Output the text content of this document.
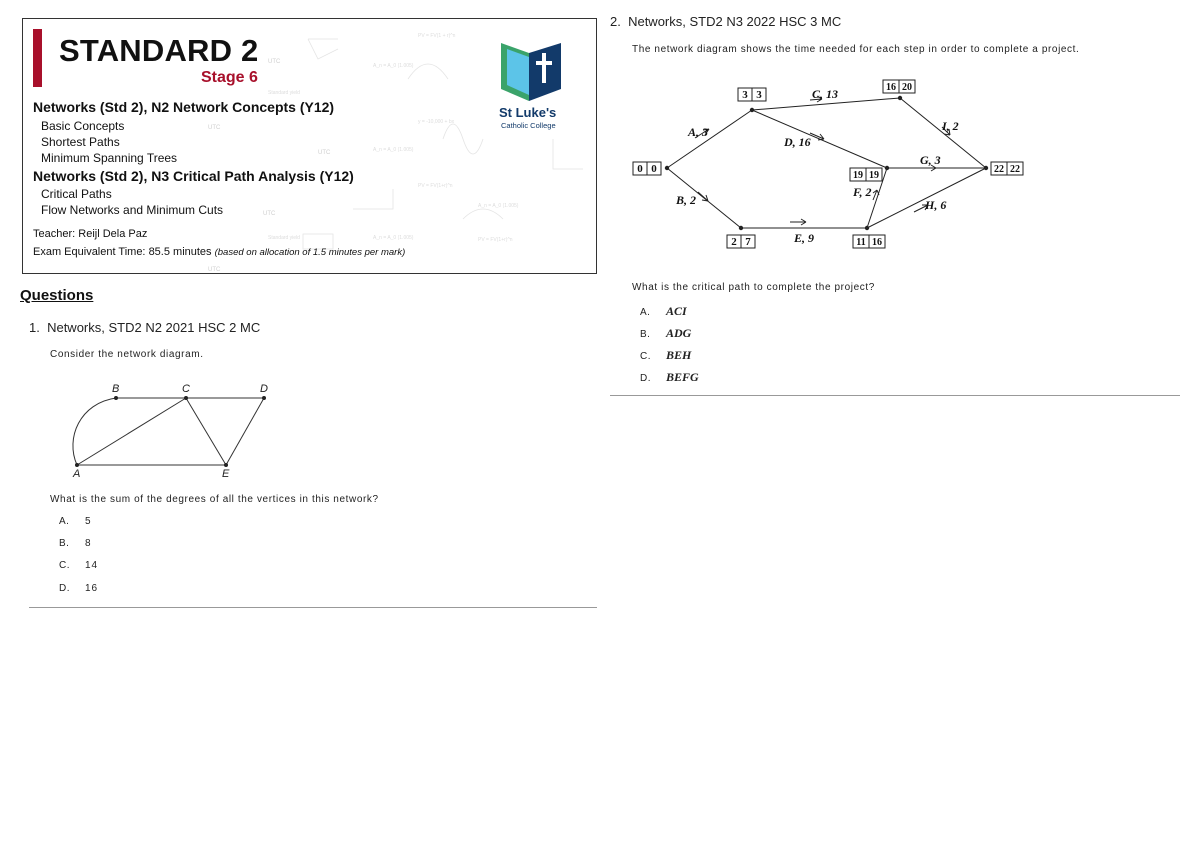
UTC
UTC
UTC
UTC
UTC
PV = FV(1 + r)^n
A_n = A_0 (1.005)
y = -10,000 + bx
A_n = A_0 (1.005)
PV = FV(1+r)^n
A_n = A_0 (1.005)
A_n = A_0 (1.005)	PV = FV(1+r)^n
Standard yield
Standard yield
STANDARD 2
Stage 6
Networks (Std 2), N2 Network Concepts (Y12)
Basic Concepts
Shortest Paths
Minimum Spanning Trees
Networks (Std 2), N3 Critical Path Analysis (Y12)
Critical Paths
Flow Networks and Minimum Cuts
Teacher: Reijl Dela Paz
Exam Equivalent Time: 85.5 minutes (based on allocation of 1.5 minutes per mark)
St Luke's
Catholic College
Questions
1. Networks, STD2 N2 2021 HSC 2 MC
Consider the network diagram.
A
B	C	D
E
What is the sum of the degrees of all the vertices in this network?
A. 5
B. 8
C. 14
D. 16
2. Networks, STD2 N3 2022 HSC 3 MC
The network diagram shows the time needed for each step in order to complete a project.
0 0
3 3
2 7
16 20
19 19
11 16
22 22
A, 3
B, 2
C, 13
D, 16
E, 9
F, 2
G, 3
H, 6
I, 2
What is the critical path to complete the project?
A. ACI
B. ADG
C. BEH
D. BEFG
